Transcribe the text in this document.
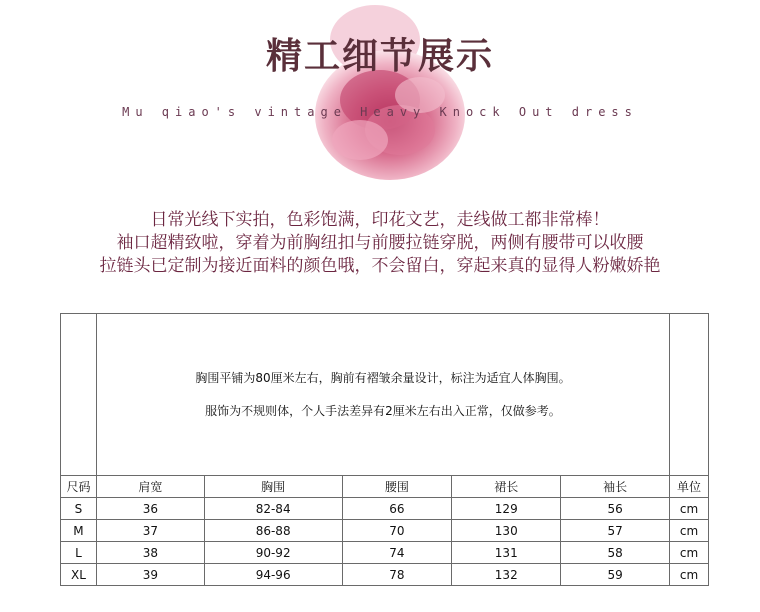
精工细节展示
Mu qiao's vintage Heavy Knock Out dress
日常光线下实拍，色彩饱满，印花文艺，走线做工都非常棒！
袖口超精致啦，穿着为前胸纽扣与前腰拉链穿脱，两侧有腰带可以收腰
拉链头已定制为接近面料的颜色哦，不会留白，穿起来真的显得人粉嫩娇艳

	胸围平铺为80厘米左右，胸前有褶皱余量设计，标注为适宜人体胸围。
服饰为不规则体，个人手法差异有2厘米左右出入正常，仅做参考。					

尺码	肩宽	胸围	腰围	裙长	袖长	单位
S	36	82-84	66	129	56	cm
M	37	86-88	70	130	57	cm
L	38	90-92	74	131	58	cm
XL	39	94-96	78	132	59	cm
